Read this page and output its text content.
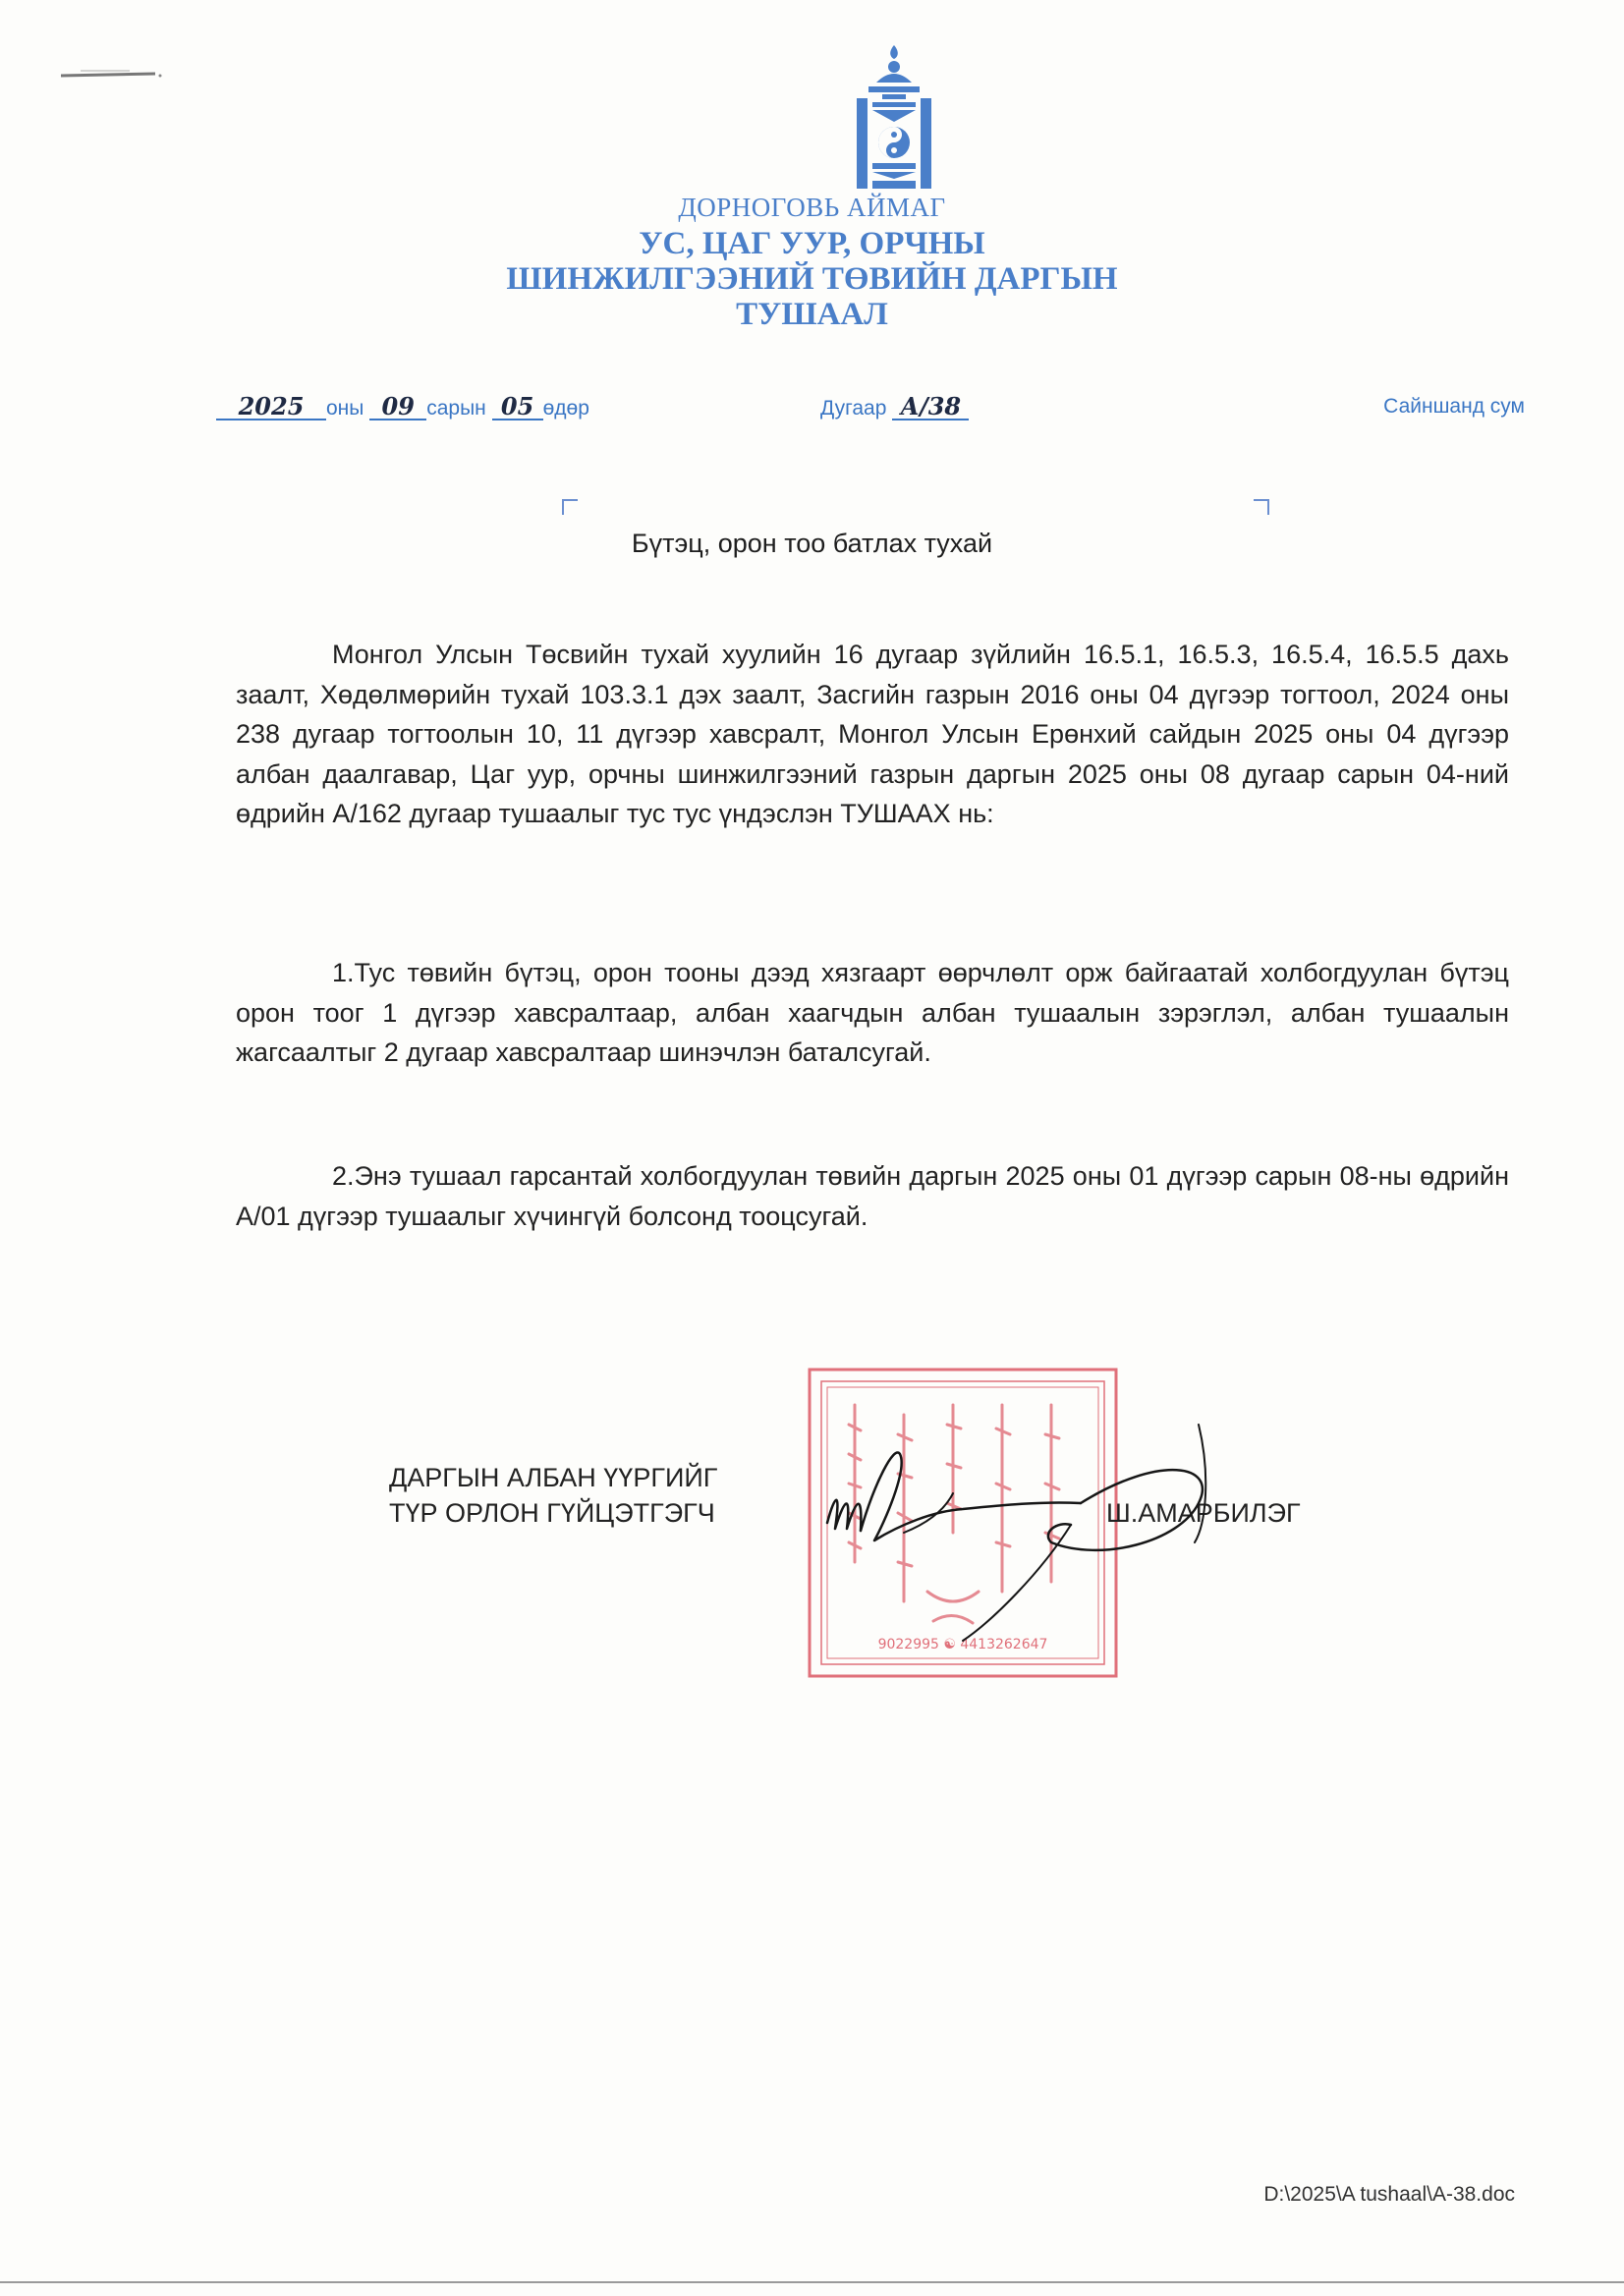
ДОРНОГОВЬ АЙМАГ
УС, ЦАГ УУР, ОРЧНЫ
ШИНЖИЛГЭЭНИЙ ТӨВИЙН ДАРГЫН
ТУШААЛ
2025 оны 09 сарын 05 өдөр	Дугаар А/38	Сайншанд сум
Бүтэц, орон тоо батлах тухай

Монгол Улсын Төсвийн тухай хуулийн 16 дугаар зүйлийн 16.5.1, 16.5.3, 16.5.4, 16.5.5 дахь заалт, Хөдөлмөрийн тухай 103.3.1 дэх заалт, Засгийн газрын 2016 оны 04 дүгээр тогтоол, 2024 оны 238 дугаар тогтоолын 10, 11 дүгээр хавсралт, Монгол Улсын Ерөнхий сайдын 2025 оны 04 дүгээр албан даалгавар, Цаг уур, орчны шинжилгээний газрын даргын 2025 оны 08 дугаар сарын 04-ний өдрийн А/162 дугаар тушаалыг тус тус үндэслэн ТУШААХ нь:

1.Тус төвийн бүтэц, орон тооны дээд хязгаарт өөрчлөлт орж байгаатай холбогдуулан бүтэц орон тоог 1 дүгээр хавсралтаар, албан хаагчдын албан тушаалын зэрэглэл, албан тушаалын жагсаалтыг 2 дугаар хавсралтаар шинэчлэн баталсугай.

2.Энэ тушаал гарсантай холбогдуулан төвийн даргын 2025 оны 01 дүгээр сарын 08-ны өдрийн А/01 дүгээр тушаалыг хүчингүй болсонд тооцсугай.

9022995 ☯ 4413262647
ДАРГЫН АЛБАН ҮҮРГИЙГ
ТҮР ОРЛОН ГҮЙЦЭТГЭГЧ	Ш.АМАРБИЛЭГ
D:\2025\A tushaal\A-38.doc
